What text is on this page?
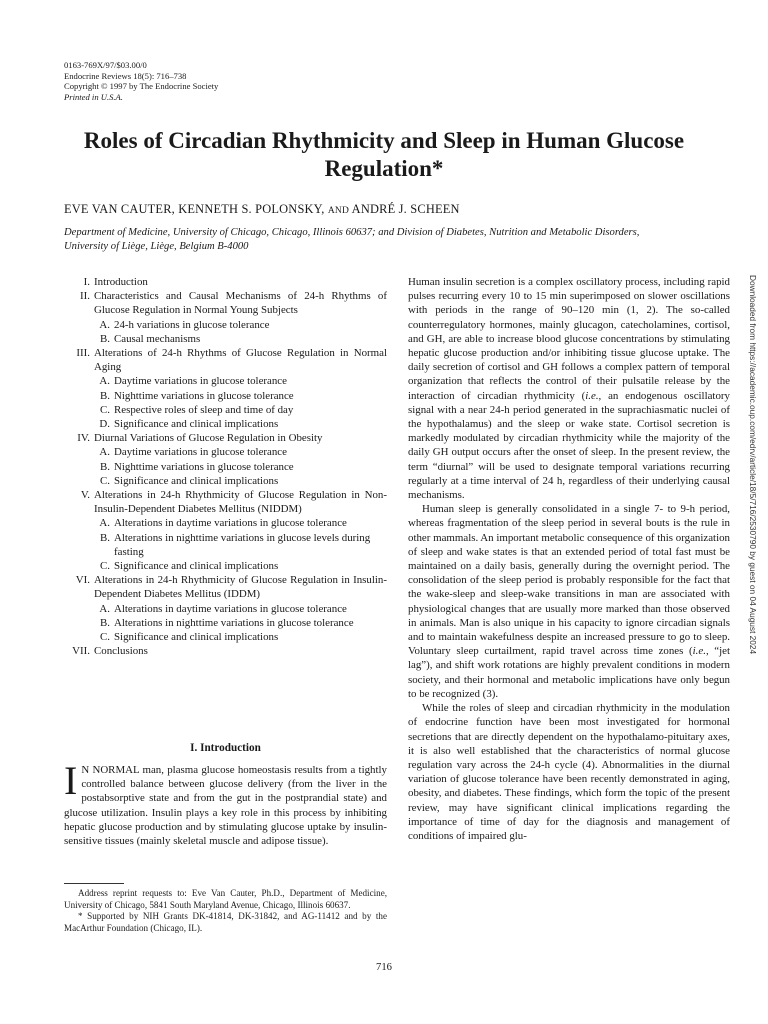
0163-769X/97/$03.00/0
Endocrine Reviews 18(5): 716–738
Copyright © 1997 by The Endocrine Society
Printed in U.S.A.
Roles of Circadian Rhythmicity and Sleep in Human Glucose Regulation*
EVE VAN CAUTER, KENNETH S. POLONSKY, AND ANDRÉ J. SCHEEN
Department of Medicine, University of Chicago, Chicago, Illinois 60637; and Division of Diabetes, Nutrition and Metabolic Disorders, University of Liège, Liège, Belgium B-4000
I. Introduction
II. Characteristics and Causal Mechanisms of 24-h Rhythms of Glucose Regulation in Normal Young Subjects
A. 24-h variations in glucose tolerance
B. Causal mechanisms
III. Alterations of 24-h Rhythms of Glucose Regulation in Normal Aging
A. Daytime variations in glucose tolerance
B. Nighttime variations in glucose tolerance
C. Respective roles of sleep and time of day
D. Significance and clinical implications
IV. Diurnal Variations of Glucose Regulation in Obesity
A. Daytime variations in glucose tolerance
B. Nighttime variations in glucose tolerance
C. Significance and clinical implications
V. Alterations in 24-h Rhythmicity of Glucose Regulation in Non-Insulin-Dependent Diabetes Mellitus (NIDDM)
A. Alterations in daytime variations in glucose tolerance
B. Alterations in nighttime variations in glucose levels during fasting
C. Significance and clinical implications
VI. Alterations in 24-h Rhythmicity of Glucose Regulation in Insulin-Dependent Diabetes Mellitus (IDDM)
A. Alterations in daytime variations in glucose tolerance
B. Alterations in nighttime variations in glucose tolerance
C. Significance and clinical implications
VII. Conclusions
I. Introduction
I N NORMAL man, plasma glucose homeostasis results from a tightly controlled balance between glucose delivery (from the liver in the postabsorptive state and from the gut in the postprandial state) and glucose utilization. Insulin plays a key role in this process by inhibiting hepatic glucose production and by stimulating glucose uptake by insulin-sensitive tissues (mainly skeletal muscle and adipose tissue).

Address reprint requests to: Eve Van Cauter, Ph.D., Department of Medicine, University of Chicago, 5841 South Maryland Avenue, Chicago, Illinois 60637.

* Supported by NIH Grants DK-41814, DK-31842, and AG-11412 and by the MacArthur Foundation (Chicago, IL).

Human insulin secretion is a complex oscillatory process, including rapid pulses recurring every 10 to 15 min superimposed on slower oscillations with periods in the range of 90–120 min (1, 2). The so-called counterregulatory hormones, mainly glucagon, catecholamines, cortisol, and GH, are able to increase blood glucose concentrations by stimulating hepatic glucose production and/or inhibiting tissue glucose uptake. The daily secretion of cortisol and GH follows a complex pattern of temporal organization that reflects the control of their pulsatile release by the interaction of circadian rhythmicity (i.e., an endogenous oscillatory signal with a near 24-h period generated in the suprachiasmatic nuclei of the hypothalamus) and the sleep or wake state. Cortisol secretion is markedly modulated by circadian rhythmicity while the majority of the daily GH output occurs after the onset of sleep. In the present review, the term “diurnal” will be used to designate temporal variations recurring regularly at a time interval of 24 h, regardless of their underlying causal mechanisms.

Human sleep is generally consolidated in a single 7- to 9-h period, whereas fragmentation of the sleep period in several bouts is the rule in other mammals. An important metabolic consequence of this organization of sleep and wake states is that an extended period of total fast must be maintained on a daily basis, generally during the overnight period. The consolidation of the sleep period is probably responsible for the fact that the wake-sleep and sleep-wake transitions in man are associated with physiological changes that are usually more marked than those observed in animals. Man is also unique in his capacity to ignore circadian signals and to maintain wakefulness despite an increased pressure to go to sleep. Voluntary sleep curtailment, rapid travel across time zones (i.e., “jet lag”), and shift work rotations are highly prevalent conditions in modern society, and their hormonal and metabolic implications have only begun to be recognized (3).

While the roles of sleep and circadian rhythmicity in the modulation of endocrine function have been most investigated for hormonal secretions that are directly dependent on the hypothalamo-pituitary axes, it is also well established that the characteristics of normal glucose regulation vary across the 24-h cycle (4). Abnormalities in the diurnal variation of glucose tolerance have been recently demonstrated in aging, obesity, and diabetes. These findings, which form the topic of the present review, may have significant clinical implications regarding the importance of time of day for the diagnosis and management of conditions of impaired glu-

716
Downloaded from https://academic.oup.com/edrv/article/18/5/716/2530790 by guest on 04 August 2024
